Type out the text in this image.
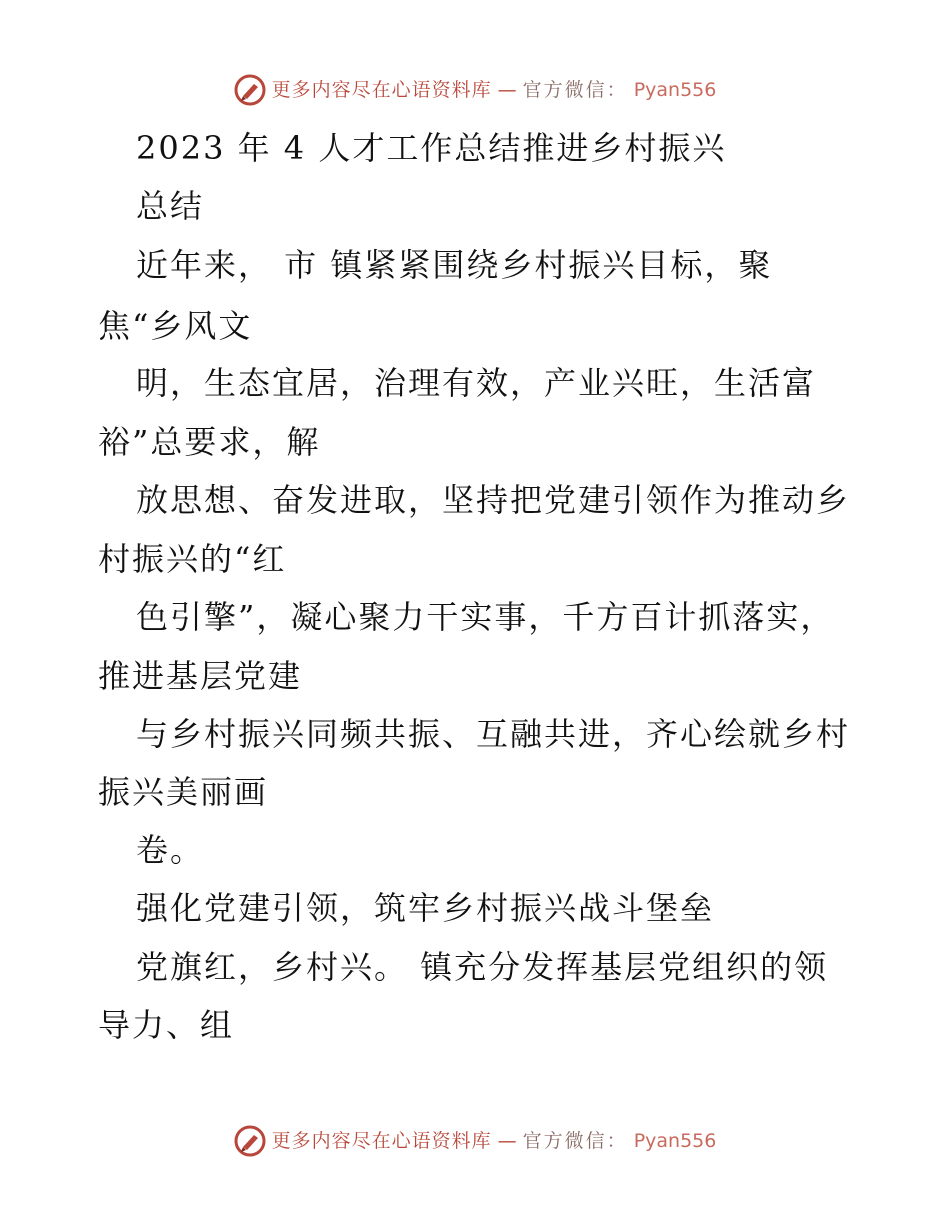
更多内容尽在心语资料库 — 官方微信： Pyan556
2023 年 4 人才工作总结推进乡村振兴
总结
近年来， 市 镇紧紧围绕乡村振兴目标，聚
焦“乡风文
明，生态宜居，治理有效，产业兴旺，生活富
裕”总要求，解
放思想、奋发进取，坚持把党建引领作为推动乡
村振兴的“红
色引擎”，凝心聚力干实事，千方百计抓落实，
推进基层党建
与乡村振兴同频共振、互融共进，齐心绘就乡村
振兴美丽画
卷。
强化党建引领，筑牢乡村振兴战斗堡垒
党旗红，乡村兴。 镇充分发挥基层党组织的领
导力、组
更多内容尽在心语资料库 — 官方微信： Pyan556
